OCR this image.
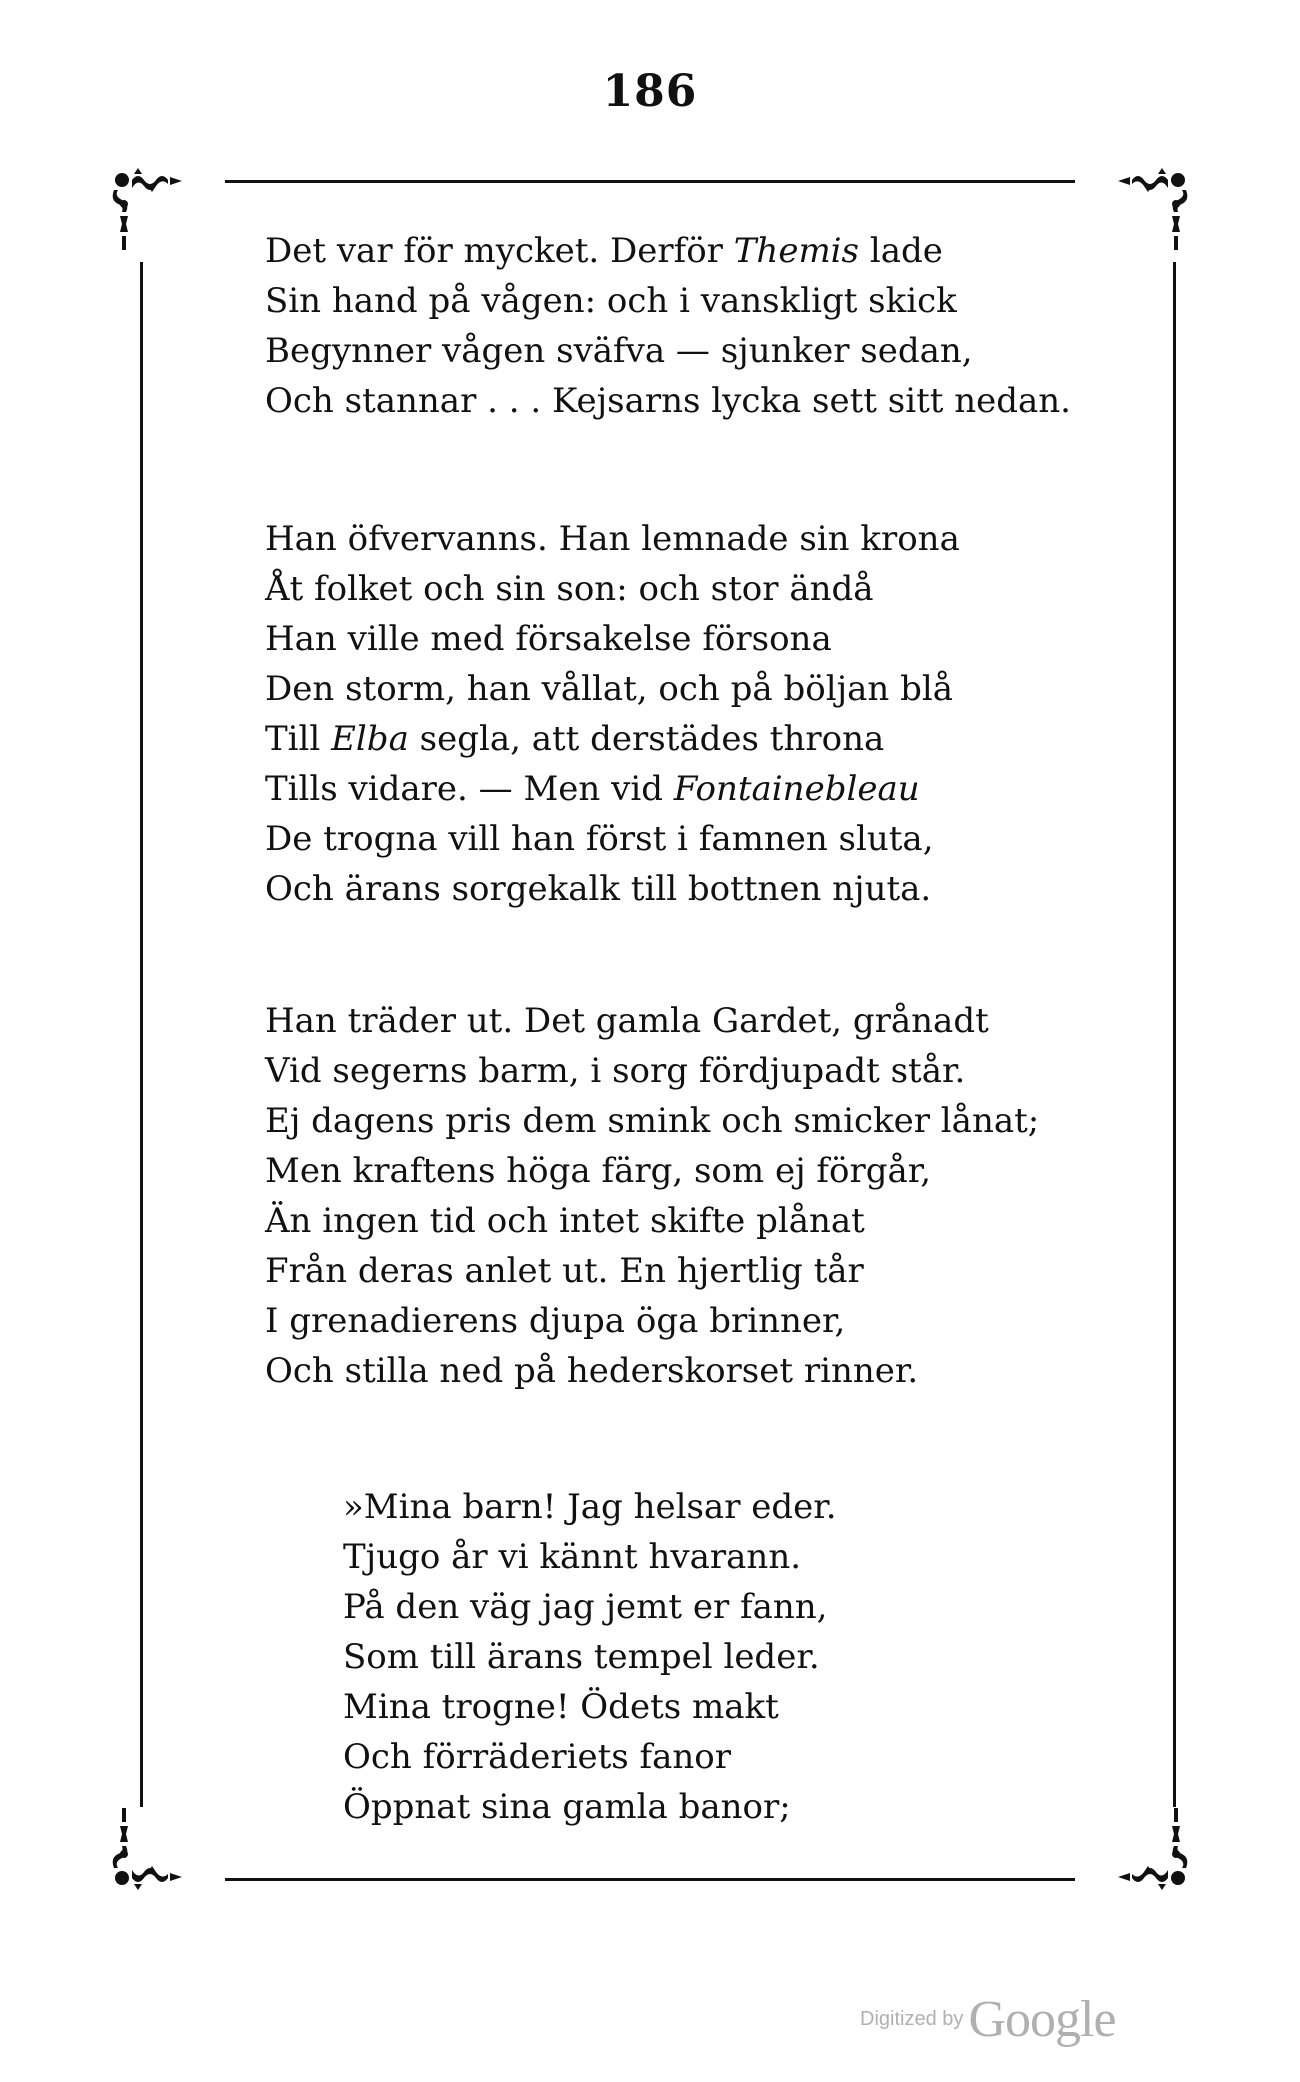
186
Det var för mycket. Derför Themis lade
Sin hand på vågen: och i vanskligt skick
Begynner vågen sväfva — sjunker sedan,
Och stannar . . . Kejsarns lycka sett sitt nedan.
Han öfvervanns. Han lemnade sin krona
Åt folket och sin son: och stor ändå
Han ville med försakelse försona
Den storm, han vållat, och på böljan blå
Till Elba segla, att derstädes throna
Tills vidare. — Men vid Fontainebleau
De trogna vill han först i famnen sluta,
Och ärans sorgekalk till bottnen njuta.
Han träder ut. Det gamla Gardet, grånadt
Vid segerns barm, i sorg fördjupadt står.
Ej dagens pris dem smink och smicker lånat;
Men kraftens höga färg, som ej förgår,
Än ingen tid och intet skifte plånat
Från deras anlet ut. En hjertlig tår
I grenadierens djupa öga brinner,
Och stilla ned på hederskorset rinner.
»Mina barn! Jag helsar eder.
Tjugo år vi kännt hvarann.
På den väg jag jemt er fann,
Som till ärans tempel leder.
Mina trogne! Ödets makt
Och förräderiets fanor
Öppnat sina gamla banor;
Digitized by Google
